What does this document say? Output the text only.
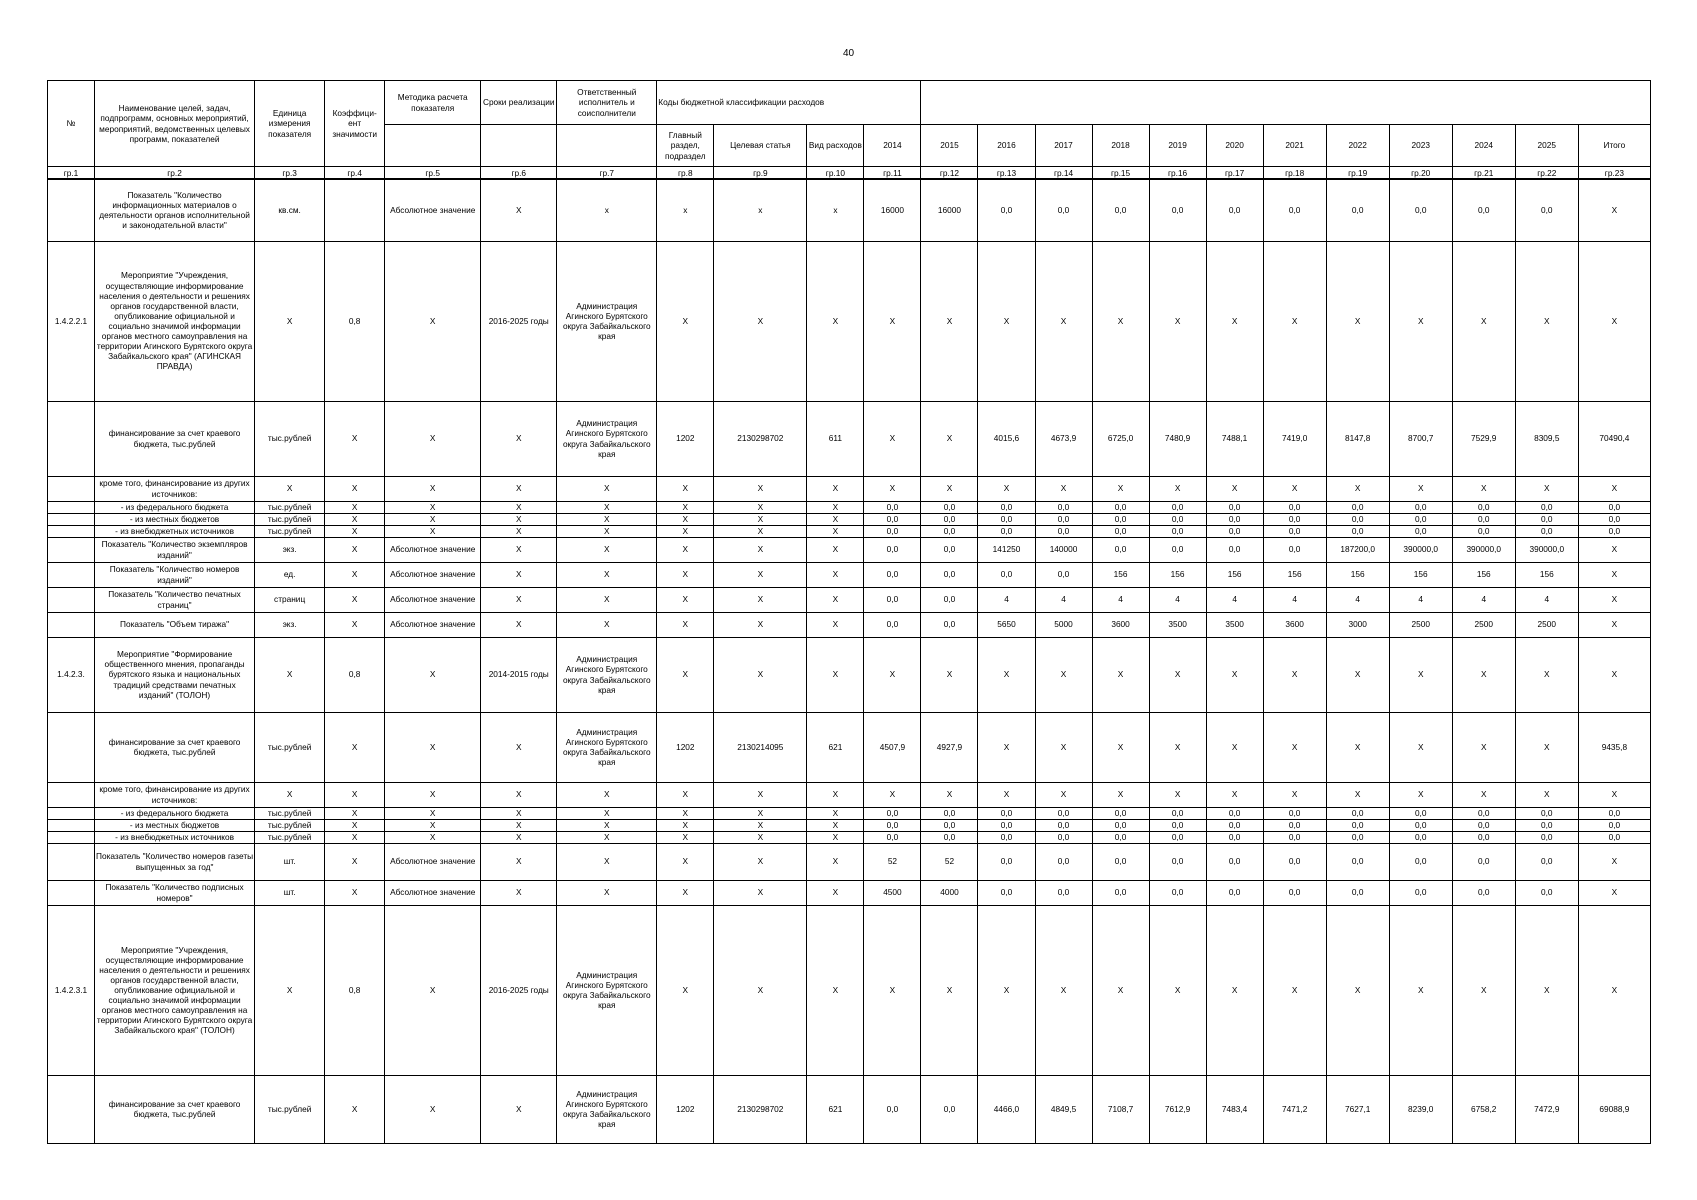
40
№	Наименование целей, задач, подпрограмм, основных мероприятий, мероприятий, ведомственных целевых программ, показателей	Единица измерения показателя	Коэффици-ент значимости	Методика расчета показателя	Сроки реализации	Ответственный исполнитель и соисполнители	Коды бюджетной классификации расходов															
							Главный раздел, подраздел	Целевая статья	Вид расходов	2014	2015	2016	2017	2018	2019	2020	2021	2022	2023	2024	2025	Итого
гр.1	гр.2	гр.3	гр.4	гр.5	гр.6	гр.7	гр.8	гр.9	гр.10	гр.11	гр.12	гр.13	гр.14	гр.15	гр.16	гр.17	гр.18	гр.19	гр.20	гр.21	гр.22	гр.23
	Показатель "Количество информационных материалов о деятельности органов исполнительной и законодательной власти"	кв.см.		Абсолютное значение	Х	х	х	х	х	16000	16000	0,0	0,0	0,0	0,0	0,0	0,0	0,0	0,0	0,0	0,0	Х
1.4.2.2.1	Мероприятие "Учреждения, осуществляющие информирование населения о деятельности и решениях органов государственной власти, опубликование официальной и социально значимой информации органов местного самоуправления на территории Агинского Бурятского округа Забайкальского края" (АГИНСКАЯ ПРАВДА)	Х	0,8	Х	2016-2025 годы	Администрация Агинского Бурятского округа Забайкальского края	Х	Х	Х	Х	Х	Х	Х	Х	Х	Х	Х	Х	Х	Х	Х	Х
	финансирование за счет краевого бюджета, тыс.рублей	тыс.рублей	Х	Х	Х	Администрация Агинского Бурятского округа Забайкальского края	1202	2130298702	611	Х	Х	4015,6	4673,9	6725,0	7480,9	7488,1	7419,0	8147,8	8700,7	7529,9	8309,5	70490,4
	кроме того, финансирование из других источников:	Х	Х	Х	Х	Х	Х	Х	Х	Х	Х	Х	Х	Х	Х	Х	Х	Х	Х	Х	Х	Х
	- из федерального бюджета	тыс.рублей	Х	Х	Х	Х	Х	Х	Х	0,0	0,0	0,0	0,0	0,0	0,0	0,0	0,0	0,0	0,0	0,0	0,0	0,0
	- из местных бюджетов	тыс.рублей	Х	Х	Х	Х	Х	Х	Х	0,0	0,0	0,0	0,0	0,0	0,0	0,0	0,0	0,0	0,0	0,0	0,0	0,0
	- из внебюджетных источников	тыс.рублей	Х	Х	Х	Х	Х	Х	Х	0,0	0,0	0,0	0,0	0,0	0,0	0,0	0,0	0,0	0,0	0,0	0,0	0,0
	Показатель "Количество экземпляров изданий"	экз.	Х	Абсолютное значение	Х	Х	Х	Х	Х	0,0	0,0	141250	140000	0,0	0,0	0,0	0,0	187200,0	390000,0	390000,0	390000,0	Х
	Показатель "Количество номеров изданий"	ед.	Х	Абсолютное значение	Х	Х	Х	Х	Х	0,0	0,0	0,0	0,0	156	156	156	156	156	156	156	156	Х
	Показатель "Количество печатных страниц"	страниц	Х	Абсолютное значение	Х	Х	Х	Х	Х	0,0	0,0	4	4	4	4	4	4	4	4	4	4	Х
	Показатель "Объем тиража"	экз.	Х	Абсолютное значение	Х	Х	Х	Х	Х	0,0	0,0	5650	5000	3600	3500	3500	3600	3000	2500	2500	2500	Х
1.4.2.3.	Мероприятие "Формирование общественного мнения, пропаганды бурятского языка и национальных традиций средствами печатных изданий" (ТОЛОН)	Х	0,8	Х	2014-2015 годы	Администрация Агинского Бурятского округа Забайкальского края	Х	Х	Х	Х	Х	Х	Х	Х	Х	Х	Х	Х	Х	Х	Х	Х
	финансирование за счет краевого бюджета, тыс.рублей	тыс.рублей	Х	Х	Х	Администрация Агинского Бурятского округа Забайкальского края	1202	2130214095	621	4507,9	4927,9	Х	Х	Х	Х	Х	Х	Х	Х	Х	Х	9435,8
	кроме того, финансирование из других источников:	Х	Х	Х	Х	Х	Х	Х	Х	Х	Х	Х	Х	Х	Х	Х	Х	Х	Х	Х	Х	Х
	- из федерального бюджета	тыс.рублей	Х	Х	Х	Х	Х	Х	Х	0,0	0,0	0,0	0,0	0,0	0,0	0,0	0,0	0,0	0,0	0,0	0,0	0,0
	- из местных бюджетов	тыс.рублей	Х	Х	Х	Х	Х	Х	Х	0,0	0,0	0,0	0,0	0,0	0,0	0,0	0,0	0,0	0,0	0,0	0,0	0,0
	- из внебюджетных источников	тыс.рублей	Х	Х	Х	Х	Х	Х	Х	0,0	0,0	0,0	0,0	0,0	0,0	0,0	0,0	0,0	0,0	0,0	0,0	0,0
	Показатель "Количество номеров газеты выпущенных за год"	шт.	Х	Абсолютное значение	Х	Х	Х	Х	Х	52	52	0,0	0,0	0,0	0,0	0,0	0,0	0,0	0,0	0,0	0,0	Х
	Показатель "Количество подписных номеров"	шт.	Х	Абсолютное значение	Х	Х	Х	Х	Х	4500	4000	0,0	0,0	0,0	0,0	0,0	0,0	0,0	0,0	0,0	0,0	Х
1.4.2.3.1	Мероприятие "Учреждения, осуществляющие информирование населения о деятельности и решениях органов государственной власти, опубликование официальной и социально значимой информации органов местного самоуправления на территории Агинского Бурятского округа Забайкальского края" (ТОЛОН)	Х	0,8	Х	2016-2025 годы	Администрация Агинского Бурятского округа Забайкальского края	Х	Х	Х	Х	Х	Х	Х	Х	Х	Х	Х	Х	Х	Х	Х	Х
	финансирование за счет краевого бюджета, тыс.рублей	тыс.рублей	Х	Х	Х	Администрация Агинского Бурятского округа Забайкальского края	1202	2130298702	621	0,0	0,0	4466,0	4849,5	7108,7	7612,9	7483,4	7471,2	7627,1	8239,0	6758,2	7472,9	69088,9
